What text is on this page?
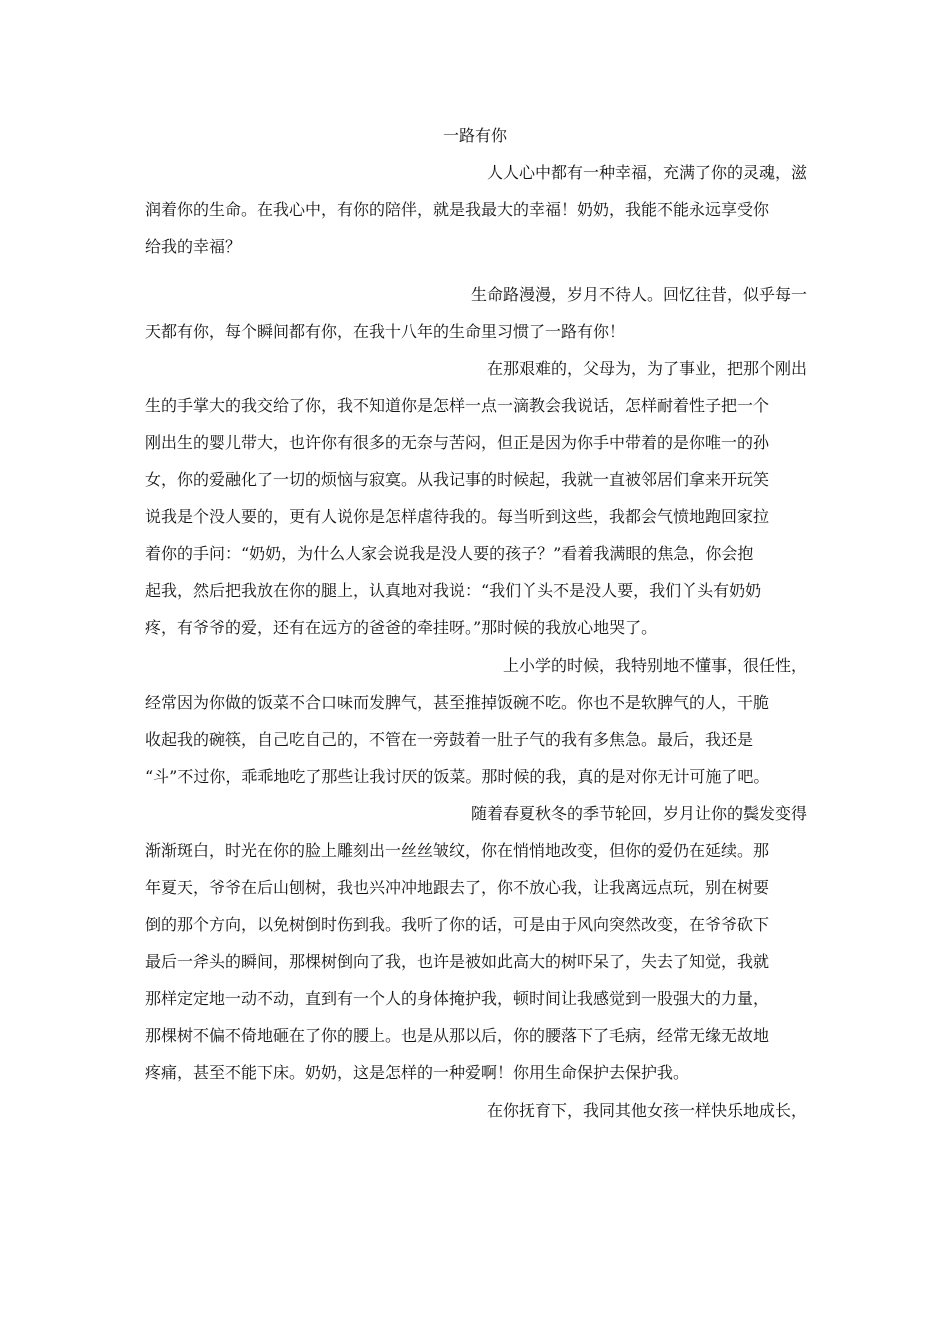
一路有你
人人心中都有一种幸福，充满了你的灵魂，滋
润着你的生命。在我心中，有你的陪伴，就是我最大的幸福！奶奶，我能不能永远享受你
给我的幸福？
生命路漫漫，岁月不待人。回忆往昔，似乎每一
天都有你，每个瞬间都有你，在我十八年的生命里习惯了一路有你！
在那艰难的，父母为，为了事业，把那个刚出
生的手掌大的我交给了你，我不知道你是怎样一点一滴教会我说话，怎样耐着性子把一个
刚出生的婴儿带大，也许你有很多的无奈与苦闷，但正是因为你手中带着的是你唯一的孙
女，你的爱融化了一切的烦恼与寂寞。从我记事的时候起，我就一直被邻居们拿来开玩笑
说我是个没人要的，更有人说你是怎样虐待我的。每当听到这些，我都会气愤地跑回家拉
着你的手问：“奶奶，为什么人家会说我是没人要的孩子？”看着我满眼的焦急，你会抱
起我，然后把我放在你的腿上，认真地对我说：“我们丫头不是没人要，我们丫头有奶奶
疼，有爷爷的爱，还有在远方的爸爸的牵挂呀。”那时候的我放心地哭了。
上小学的时候，我特别地不懂事，很任性，
经常因为你做的饭菜不合口味而发脾气，甚至推掉饭碗不吃。你也不是软脾气的人，干脆
收起我的碗筷，自己吃自己的，不管在一旁鼓着一肚子气的我有多焦急。最后，我还是
“斗”不过你，乖乖地吃了那些让我讨厌的饭菜。那时候的我，真的是对你无计可施了吧。
随着春夏秋冬的季节轮回，岁月让你的鬓发变得
渐渐斑白，时光在你的脸上雕刻出一丝丝皱纹，你在悄悄地改变，但你的爱仍在延续。那
年夏天，爷爷在后山刨树，我也兴冲冲地跟去了，你不放心我，让我离远点玩，别在树要
倒的那个方向，以免树倒时伤到我。我听了你的话，可是由于风向突然改变，在爷爷砍下
最后一斧头的瞬间，那棵树倒向了我，也许是被如此高大的树吓呆了，失去了知觉，我就
那样定定地一动不动，直到有一个人的身体掩护我，顿时间让我感觉到一股强大的力量，
那棵树不偏不倚地砸在了你的腰上。也是从那以后，你的腰落下了毛病，经常无缘无故地
疼痛，甚至不能下床。奶奶，这是怎样的一种爱啊！你用生命保护去保护我。
在你抚育下，我同其他女孩一样快乐地成长，
